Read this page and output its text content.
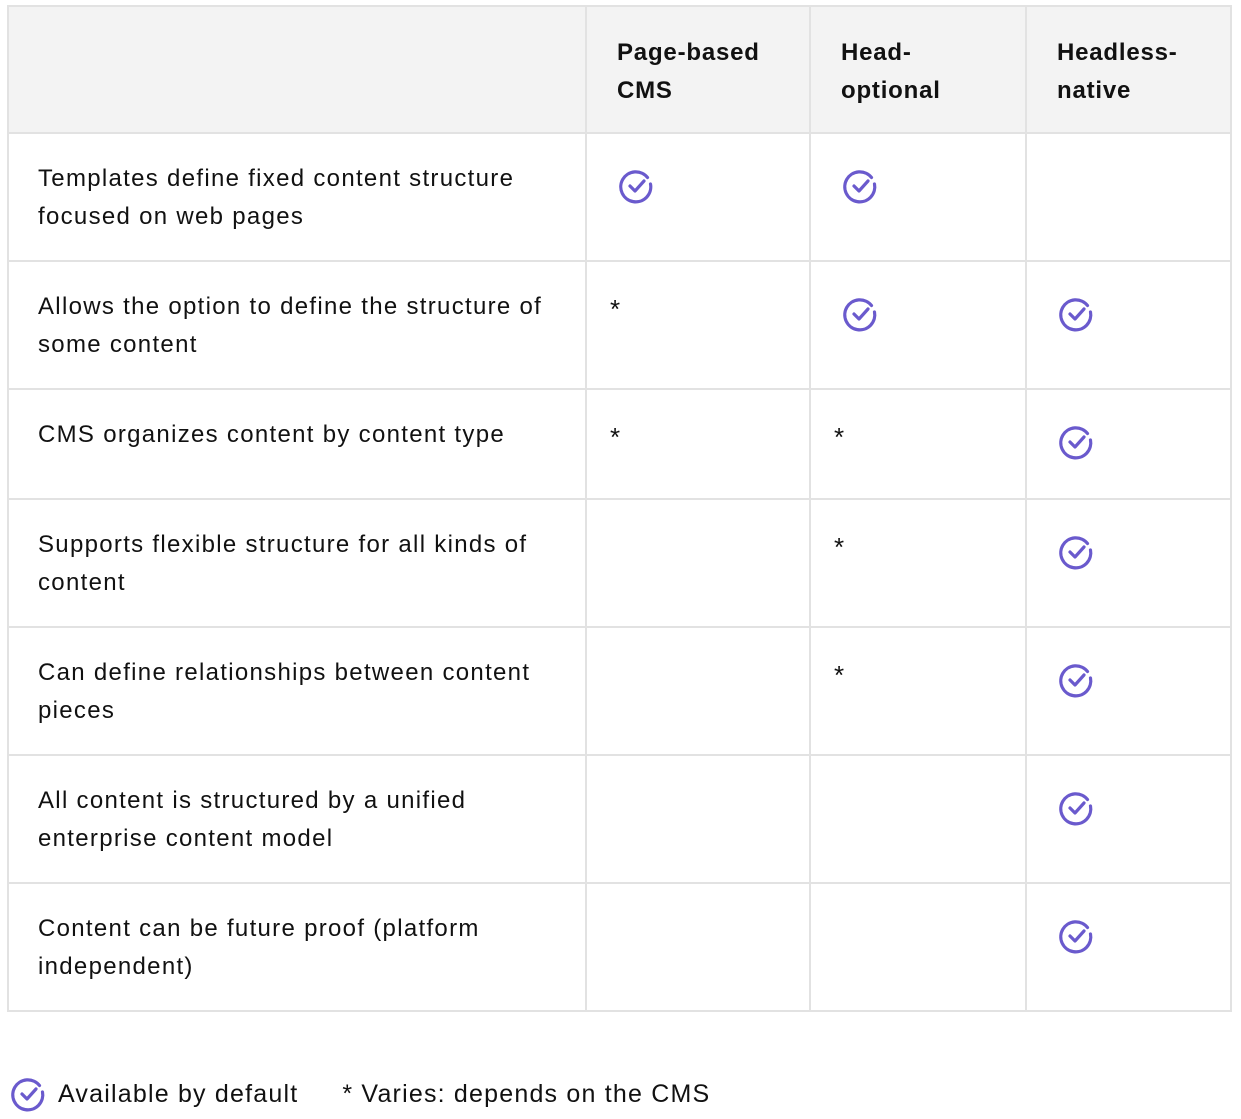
	Page-based CMS	Head-optional	Headless-native
Templates define fixed content structure focused on web pages			
Allows the option to define the structure of some content	*		
CMS organizes content by content type	*	*	
Supports flexible structure for all kinds of content		*	
Can define relationships between content pieces		*	
All content is structured by a unified enterprise content model			
Content can be future proof (platform independent)			
Available by default * Varies: depends on the CMS
